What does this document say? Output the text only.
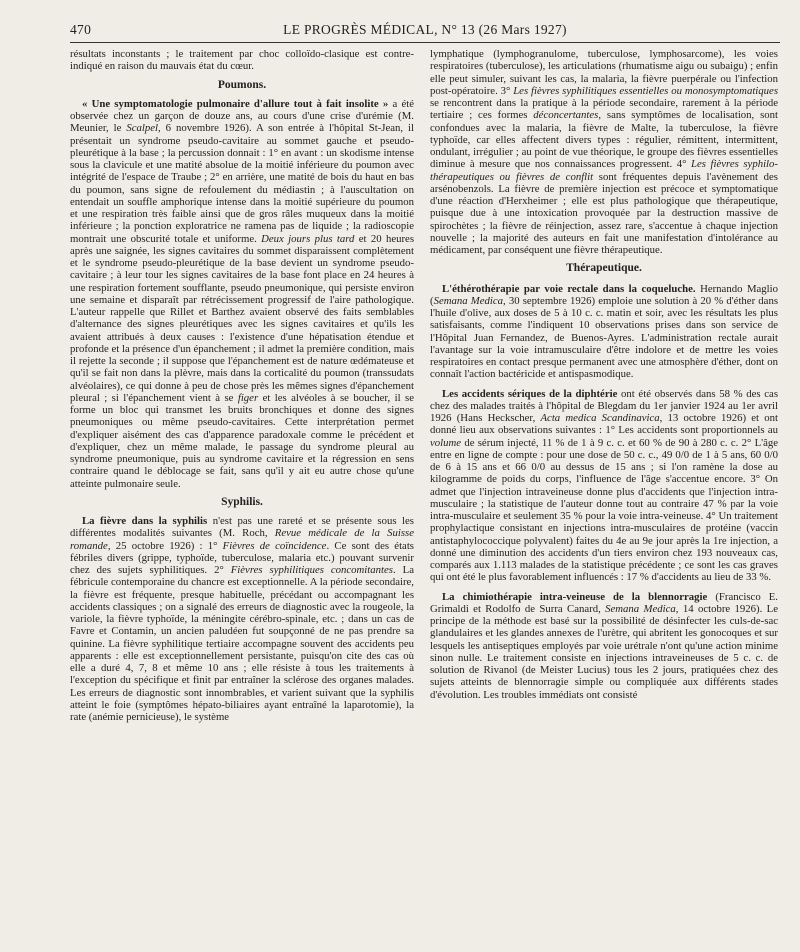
470	LE PROGRÈS MÉDICAL, N° 13 (26 Mars 1927)

résultats inconstants ; le traitement par choc colloïdo-clasique est contre-indiqué en raison du mauvais état du cœur.

Poumons.

« Une symptomatologie pulmonaire d'allure tout à fait insolite » a été observée chez un garçon de douze ans, au cours d'une crise d'urémie (M. Meunier, le Scalpel, 6 novembre 1926). A son entrée à l'hôpital St-Jean, il présentait un syndrome pseudo-cavitaire au sommet gauche et pseudo-pleurétique à la base ; la percussion donnait : 1° en avant : un skodisme intense sous la clavicule et une matité absolue de la moitié inférieure du poumon avec intégrité de l'espace de Traube ; 2° en arrière, une matité de bois du haut en bas du poumon, sans signe de refoulement du médiastin ; à l'auscultation on entendait un souffle amphorique intense dans la moitié supérieure du poumon et une respiration très faible ainsi que de gros râles muqueux dans la moitié inférieure ; la ponction exploratrice ne ramena pas de liquide ; la radioscopie montrait une obscurité totale et uniforme. Deux jours plus tard et 20 heures après une saignée, les signes cavitaires du sommet disparaissent complètement et le syndrome pseudo-pleurétique de la base devient un syndrome pseudo-cavitaire ; à leur tour les signes cavitaires de la base font place en 24 heures à une respiration fortement soufflante, pseudo pneumonique, qui persiste environ une semaine et disparaît par rétrécissement progressif de l'aire pathologique. L'auteur rappelle que Rillet et Barthez avaient observé des faits semblables d'alternance des signes pleurétiques avec les signes cavitaires et qu'ils les avaient attribués à deux causes : l'existence d'une hépatisation étendue et profonde et la présence d'un épanchement ; il admet la première condition, mais il rejette la seconde ; il suppose que l'épanchement est de nature œdémateuse et qu'il se fait non dans la plèvre, mais dans la corticalité du poumon (transsudats alvéolaires), ce qui donne à peu de chose près les mêmes signes d'épanchement pleural ; si l'épanchement vient à se figer et les alvéoles à se boucher, il se forme un bloc qui transmet les bruits bronchiques et donne des signes pneumoniques ou même pseudo-cavitaires. Cette interprétation permet d'expliquer aisément des cas d'apparence paradoxale comme le précédent et d'expliquer, chez un même malade, le passage du syndrome pleural au syndrome pneumonique, puis au syndrome cavitaire et la régression en sens contraire quand le déblocage se fait, sans qu'il y ait eu autre chose qu'une atteinte pulmonaire seule.

Syphilis.

La fièvre dans la syphilis n'est pas une rareté et se présente sous les différentes modalités suivantes (M. Roch, Revue médicale de la Suisse romande, 25 octobre 1926) : 1° Fièvres de coïncidence. Ce sont des états fébriles divers (grippe, typhoïde, tuberculose, malaria etc.) pouvant survenir chez des sujets syphilitiques. 2° Fièvres syphilitiques concomitantes. La fébricule contemporaine du chancre est exceptionnelle. A la période secondaire, la fièvre est fréquente, presque habituelle, précédant ou accompagnant les accidents classiques ; on a signalé des erreurs de diagnostic avec la rougeole, la variole, la fièvre typhoïde, la méningite cérébro-spinale, etc. ; dans un cas de Favre et Contamin, un ancien paludéen fut soupçonné de ne pas prendre sa quinine. La fièvre syphilitique tertiaire accompagne souvent des accidents peu apparents : elle est exceptionnellement persistante, puisqu'on cite des cas où elle a duré 4, 7, 8 et même 10 ans ; elle résiste à tous les traitements à l'exception du spécifique et finit par entraîner la sclérose des organes malades. Les erreurs de diagnostic sont innombrables, et varient suivant que la syphilis atteint le foie (symptômes hépato-biliaires ayant entraîné la laparotomie), la rate (anémie pernicieuse), le système

lymphatique (lymphogranulome, tuberculose, lymphosarcome), les voies respiratoires (tuberculose), les articulations (rhumatisme aigu ou subaigu) ; enfin elle peut simuler, suivant les cas, la malaria, la fièvre puerpérale ou l'infection post-opératoire. 3° Les fièvres syphilitiques essentielles ou monosymptomatiques se rencontrent dans la pratique à la période secondaire, rarement à la période tertiaire ; ces formes déconcertantes, sans symptômes de localisation, sont confondues avec la malaria, la fièvre de Malte, la tuberculose, la fièvre typhoïde, car elles affectent divers types : régulier, rémittent, intermittent, ondulant, irrégulier ; au point de vue théorique, le groupe des fièvres essentielles diminue à mesure que nos connaissances progressent. 4° Les fièvres syphilo-thérapeutiques ou fièvres de conflit sont fréquentes depuis l'avènement des arsénobenzols. La fièvre de première injection est précoce et symptomatique d'une réaction d'Herxheimer ; elle est plus pathologique que thérapeutique, puisque due à une intoxication provoquée par la destruction massive de spirochètes ; la fièvre de réinjection, assez rare, s'accentue à chaque injection nouvelle ; la majorité des auteurs en fait une manifestation d'intolérance au médicament, par conséquent une fièvre thérapeutique.

Thérapeutique.

L'éthérothérapie par voie rectale dans la coqueluche. Hernando Maglio (Semana Medica, 30 septembre 1926) emploie une solution à 20 % d'éther dans l'huile d'olive, aux doses de 5 à 10 c. c. matin et soir, avec les résultats les plus satisfaisants, comme l'indiquent 10 observations prises dans son service de l'Hôpital Juan Fernandez, de Buenos-Ayres. L'administration rectale aurait l'avantage sur la voie intramusculaire d'être indolore et de mettre les voies respiratoires en contact presque permanent avec une atmosphère d'éther, dont on connaît l'action bactéricide et antispasmodique.

Les accidents sériques de la diphtérie ont été observés dans 58 % des cas chez des malades traités à l'hôpital de Blegdam du 1er janvier 1924 au 1er avril 1926 (Hans Heckscher, Acta medica Scandinavica, 13 octobre 1926) et ont donné lieu aux observations suivantes : 1° Les accidents sont proportionnels au volume de sérum injecté, 11 % de 1 à 9 c. c. et 60 % de 90 à 280 c. c. 2° L'âge entre en ligne de compte : pour une dose de 50 c. c., 49 0/0 de 1 à 5 ans, 60 0/0 de 6 à 15 ans et 66 0/0 au dessus de 15 ans ; si l'on ramène la dose au kilogramme de poids du corps, l'influence de l'âge s'accentue encore. 3° On admet que l'injection intraveineuse donne plus d'accidents que l'injection intra-musculaire ; la statistique de l'auteur donne tout au contraire 47 % par la voie intra-musculaire et seulement 35 % pour la voie intra-veineuse. 4° Un traitement prophylactique consistant en injections intra-musculaires de protéine (vaccin antistaphylococcique polyvalent) faites du 4e au 9e jour après la 1re injection, a donné une diminution des accidents d'un tiers environ chez 193 nouveaux cas, comparés aux 1.113 malades de la statistique précédente ; ce sont les cas graves qui ont été le plus favorablement influencés : 17 % d'accidents au lieu de 33 %.

La chimiothérapie intra-veineuse de la blennorragie (Francisco E. Grimaldi et Rodolfo de Surra Canard, Semana Medica, 14 octobre 1926). Le principe de la méthode est basé sur la possibilité de désinfecter les culs-de-sac glandulaires et les glandes annexes de l'urètre, qui abritent les gonocoques et sur lesquels les antiseptiques employés par voie urétrale n'ont qu'une action minime sinon nulle. Le traitement consiste en injections intraveineuses de 5 c. c. de solution de Rivanol (de Meister Lucius) tous les 2 jours, pratiquées chez des sujets atteints de blennorragie simple ou compliquée aux différents stades d'évolution. Les troubles immédiats ont consisté
